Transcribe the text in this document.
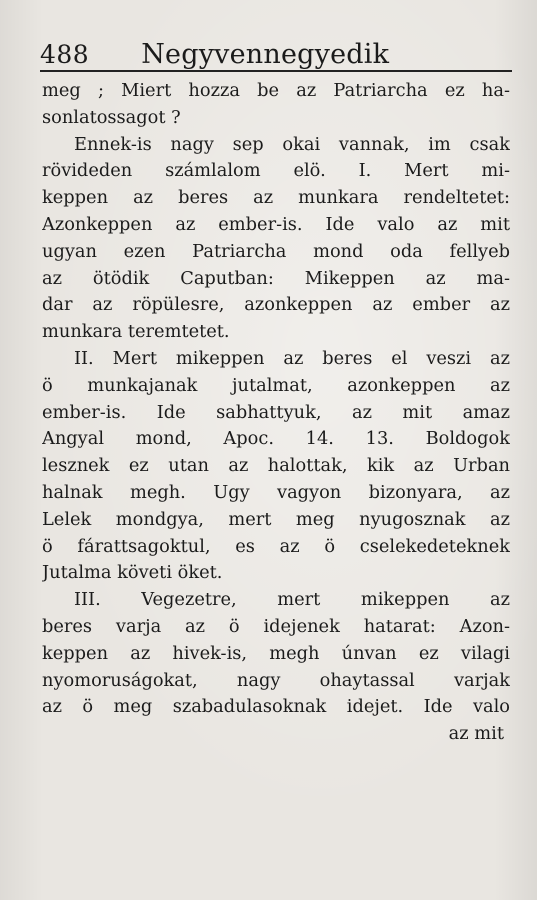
488 Negyvennegyedik
meg ; Miert hozza be az Patriarcha ez ha-
sonlatossagot ?
Ennek-is nagy sep okai vannak, im csak
rövideden számlalom elö. I. Mert mi-
keppen az beres az munkara rendeltetet:
Azonkeppen az ember-is. Ide valo az mit
ugyan ezen Patriarcha mond oda fellyeb
az ötödik Caputban: Mikeppen az ma-
dar az röpülesre, azonkeppen az ember az
munkara teremtetet.
II. Mert mikeppen az beres el veszi az
ö munkajanak jutalmat, azonkeppen az
ember-is. Ide sabhattyuk, az mit amaz
Angyal mond, Apoc. 14. 13. Boldogok
lesznek ez utan az halottak, kik az Urban
halnak megh. Ugy vagyon bizonyara, az
Lelek mondgya, mert meg nyugosznak az
ö fárattsagoktul, es az ö cselekedeteknek
Jutalma követi öket.
III. Vegezetre, mert mikeppen az
beres varja az ö idejenek hatarat: Azon-
keppen az hivek-is, megh únvan ez vilagi
nyomoruságokat, nagy ohaytassal varjak
az ö meg szabadulasoknak idejet. Ide valo
az mit
